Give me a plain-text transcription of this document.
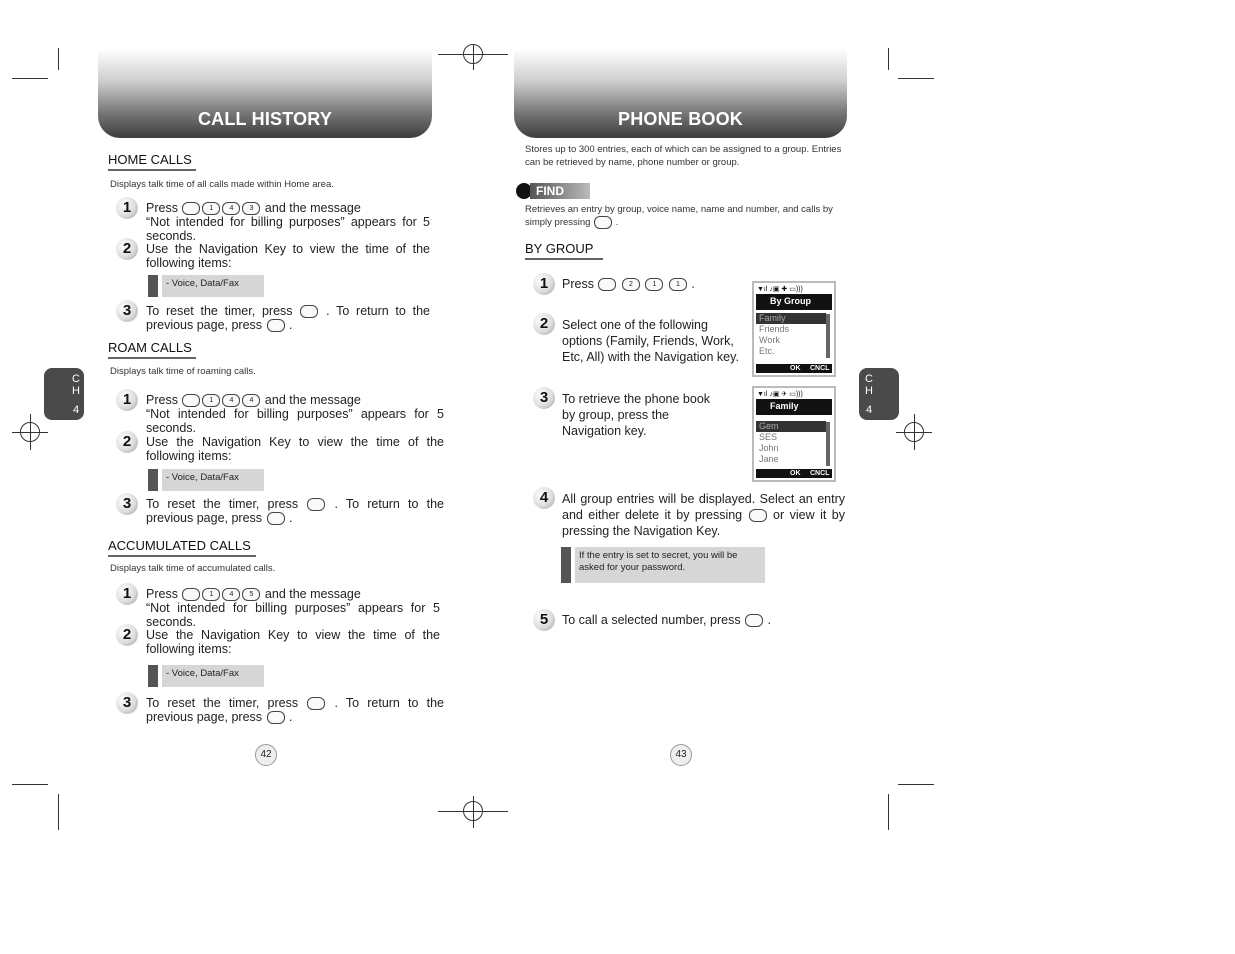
CALL HISTORY
C
H
4
HOME CALLS
Displays talk time of all calls made within Home area.
1	Press	1 4 3 and the message
“Not intended for billing purposes” appears for 5 seconds.
2	Use the Navigation Key to view the time of the following items:
- Voice, Data/Fax
3	To reset the timer, press	. To return to the previous page, press .
ROAM CALLS
Displays talk time of roaming calls.
1	Press	1 4 4 and the message
“Not intended for billing purposes” appears for 5 seconds.
2	Use the Navigation Key to view the time of the following items:
- Voice, Data/Fax
3	To reset the timer, press	. To return to the previous page, press .
ACCUMULATED CALLS
Displays talk time of accumulated calls.
1	Press	1 4 5 and the message
“Not intended for billing purposes” appears for 5 seconds.
2	Use the Navigation Key to view the time of the following items:
- Voice, Data/Fax
3	To reset the timer, press	. To return to the previous page, press .
42
PHONE BOOK
C
H
4
Stores up to 300 entries, each of which can be assigned to a group. Entries can be retrieved by name, phone number or group.
FIND
Retrieves an entry by group, voice name, name and number, and calls by simply pressing	.
BY GROUP
1	Press	2	1	1 .
2	Select one of the following options (Family, Friends, Work, Etc, All) with the Navigation key.
3	To retrieve the phone book by group, press the Navigation key.
▼ıl ♪▣ ✚ ▭)))
By Group
Family
Friends
Work
Etc.
OK CNCL
▼ıl ♪▣ ✈ ▭)))
Family
Gem
SES
John
Jane
OK CNCL
4	All group entries will be displayed. Select an entry and either delete it by pressing or view it by pressing the Navigation Key.
If the entry is set to secret, you will be asked for your password.
5	To call a selected number, press .
43
